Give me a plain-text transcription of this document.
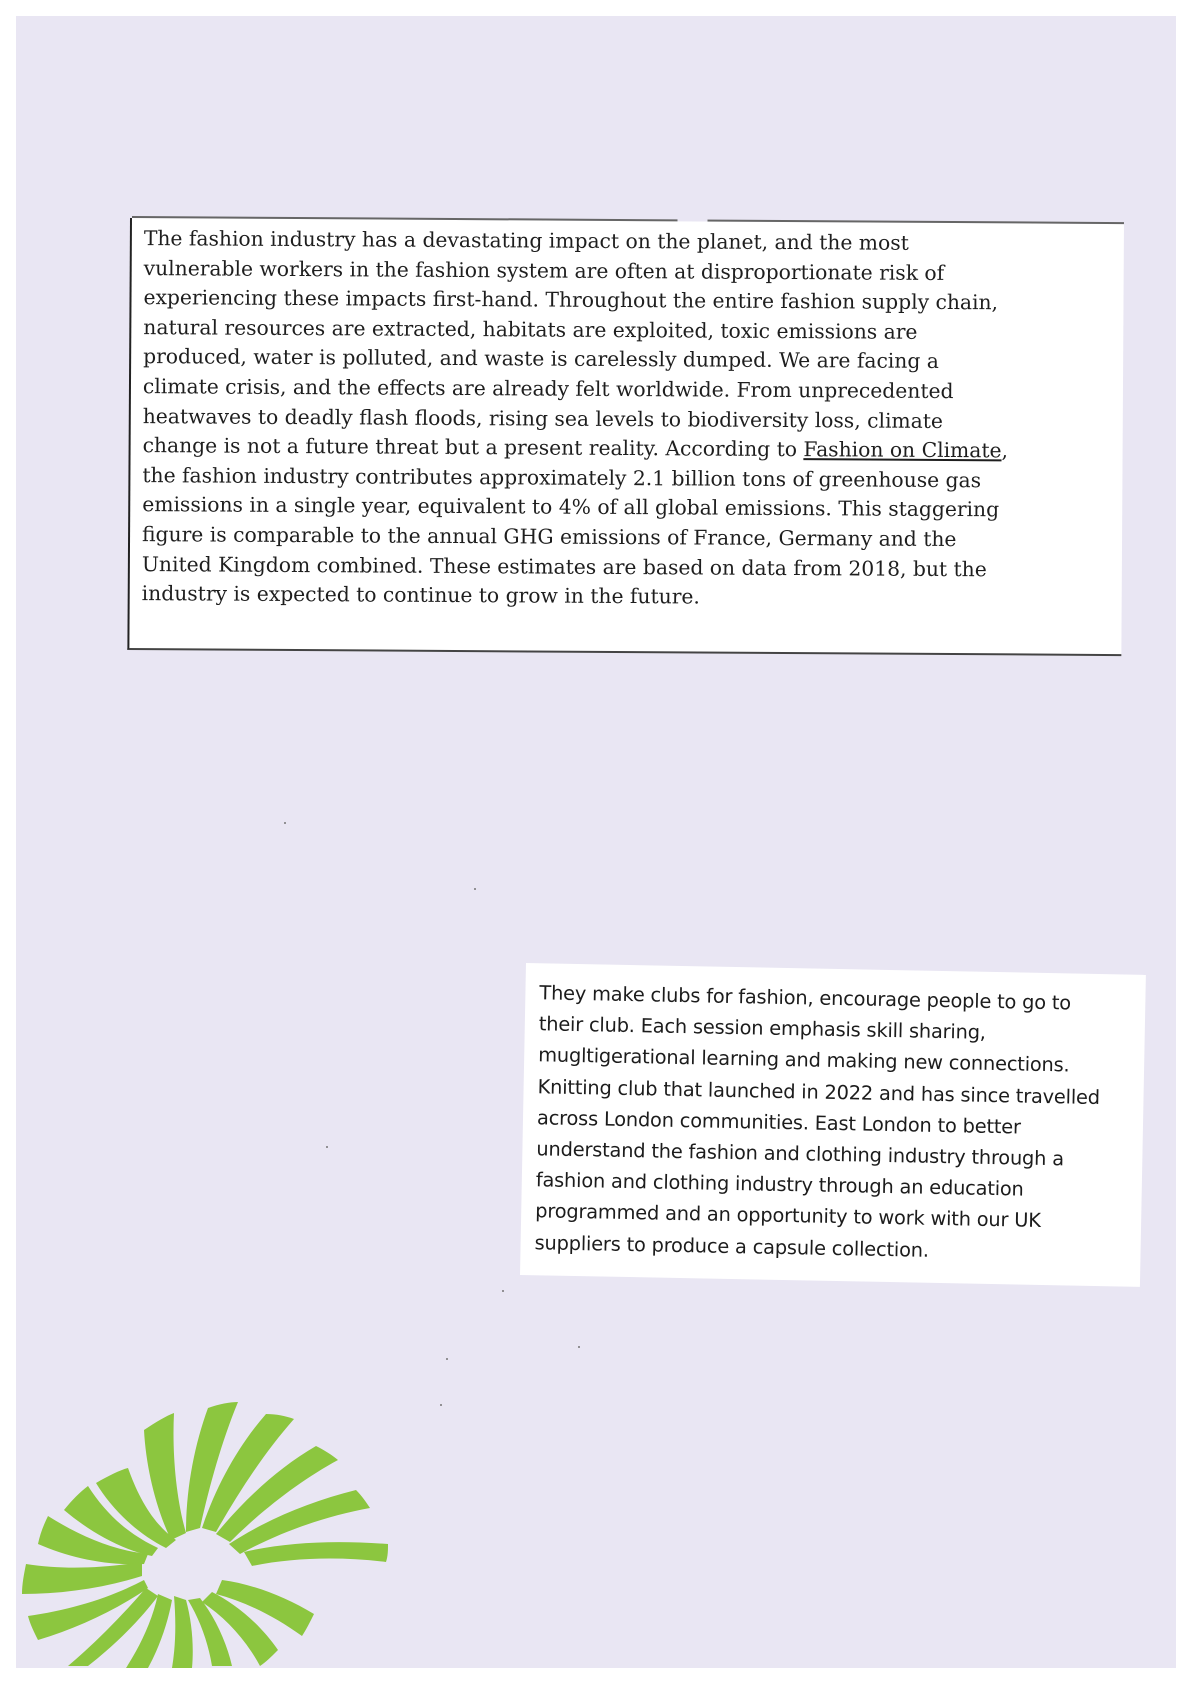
The fashion industry has a devastating impact on the planet, and the most

vulnerable workers in the fashion system are often at disproportionate risk of

experiencing these impacts first-hand. Throughout the entire fashion supply chain,

natural resources are extracted, habitats are exploited, toxic emissions are

produced, water is polluted, and waste is carelessly dumped. We are facing a

climate crisis, and the effects are already felt worldwide. From unprecedented

heatwaves to deadly flash floods, rising sea levels to biodiversity loss, climate

change is not a future threat but a present reality. According to Fashion on Climate,

the fashion industry contributes approximately 2.1 billion tons of greenhouse gas

emissions in a single year, equivalent to 4% of all global emissions. This staggering

figure is comparable to the annual GHG emissions of France, Germany and the

United Kingdom combined. These estimates are based on data from 2018, but the

industry is expected to continue to grow in the future.

They make clubs for fashion, encourage people to go to

their club. Each session emphasis skill sharing,

mugltigerational learning and making new connections.

Knitting club that launched in 2022 and has since travelled

across London communities. East London to better

understand the fashion and clothing industry through a

fashion and clothing industry through an education

programmed and an opportunity to work with our UK

suppliers to produce a capsule collection.
